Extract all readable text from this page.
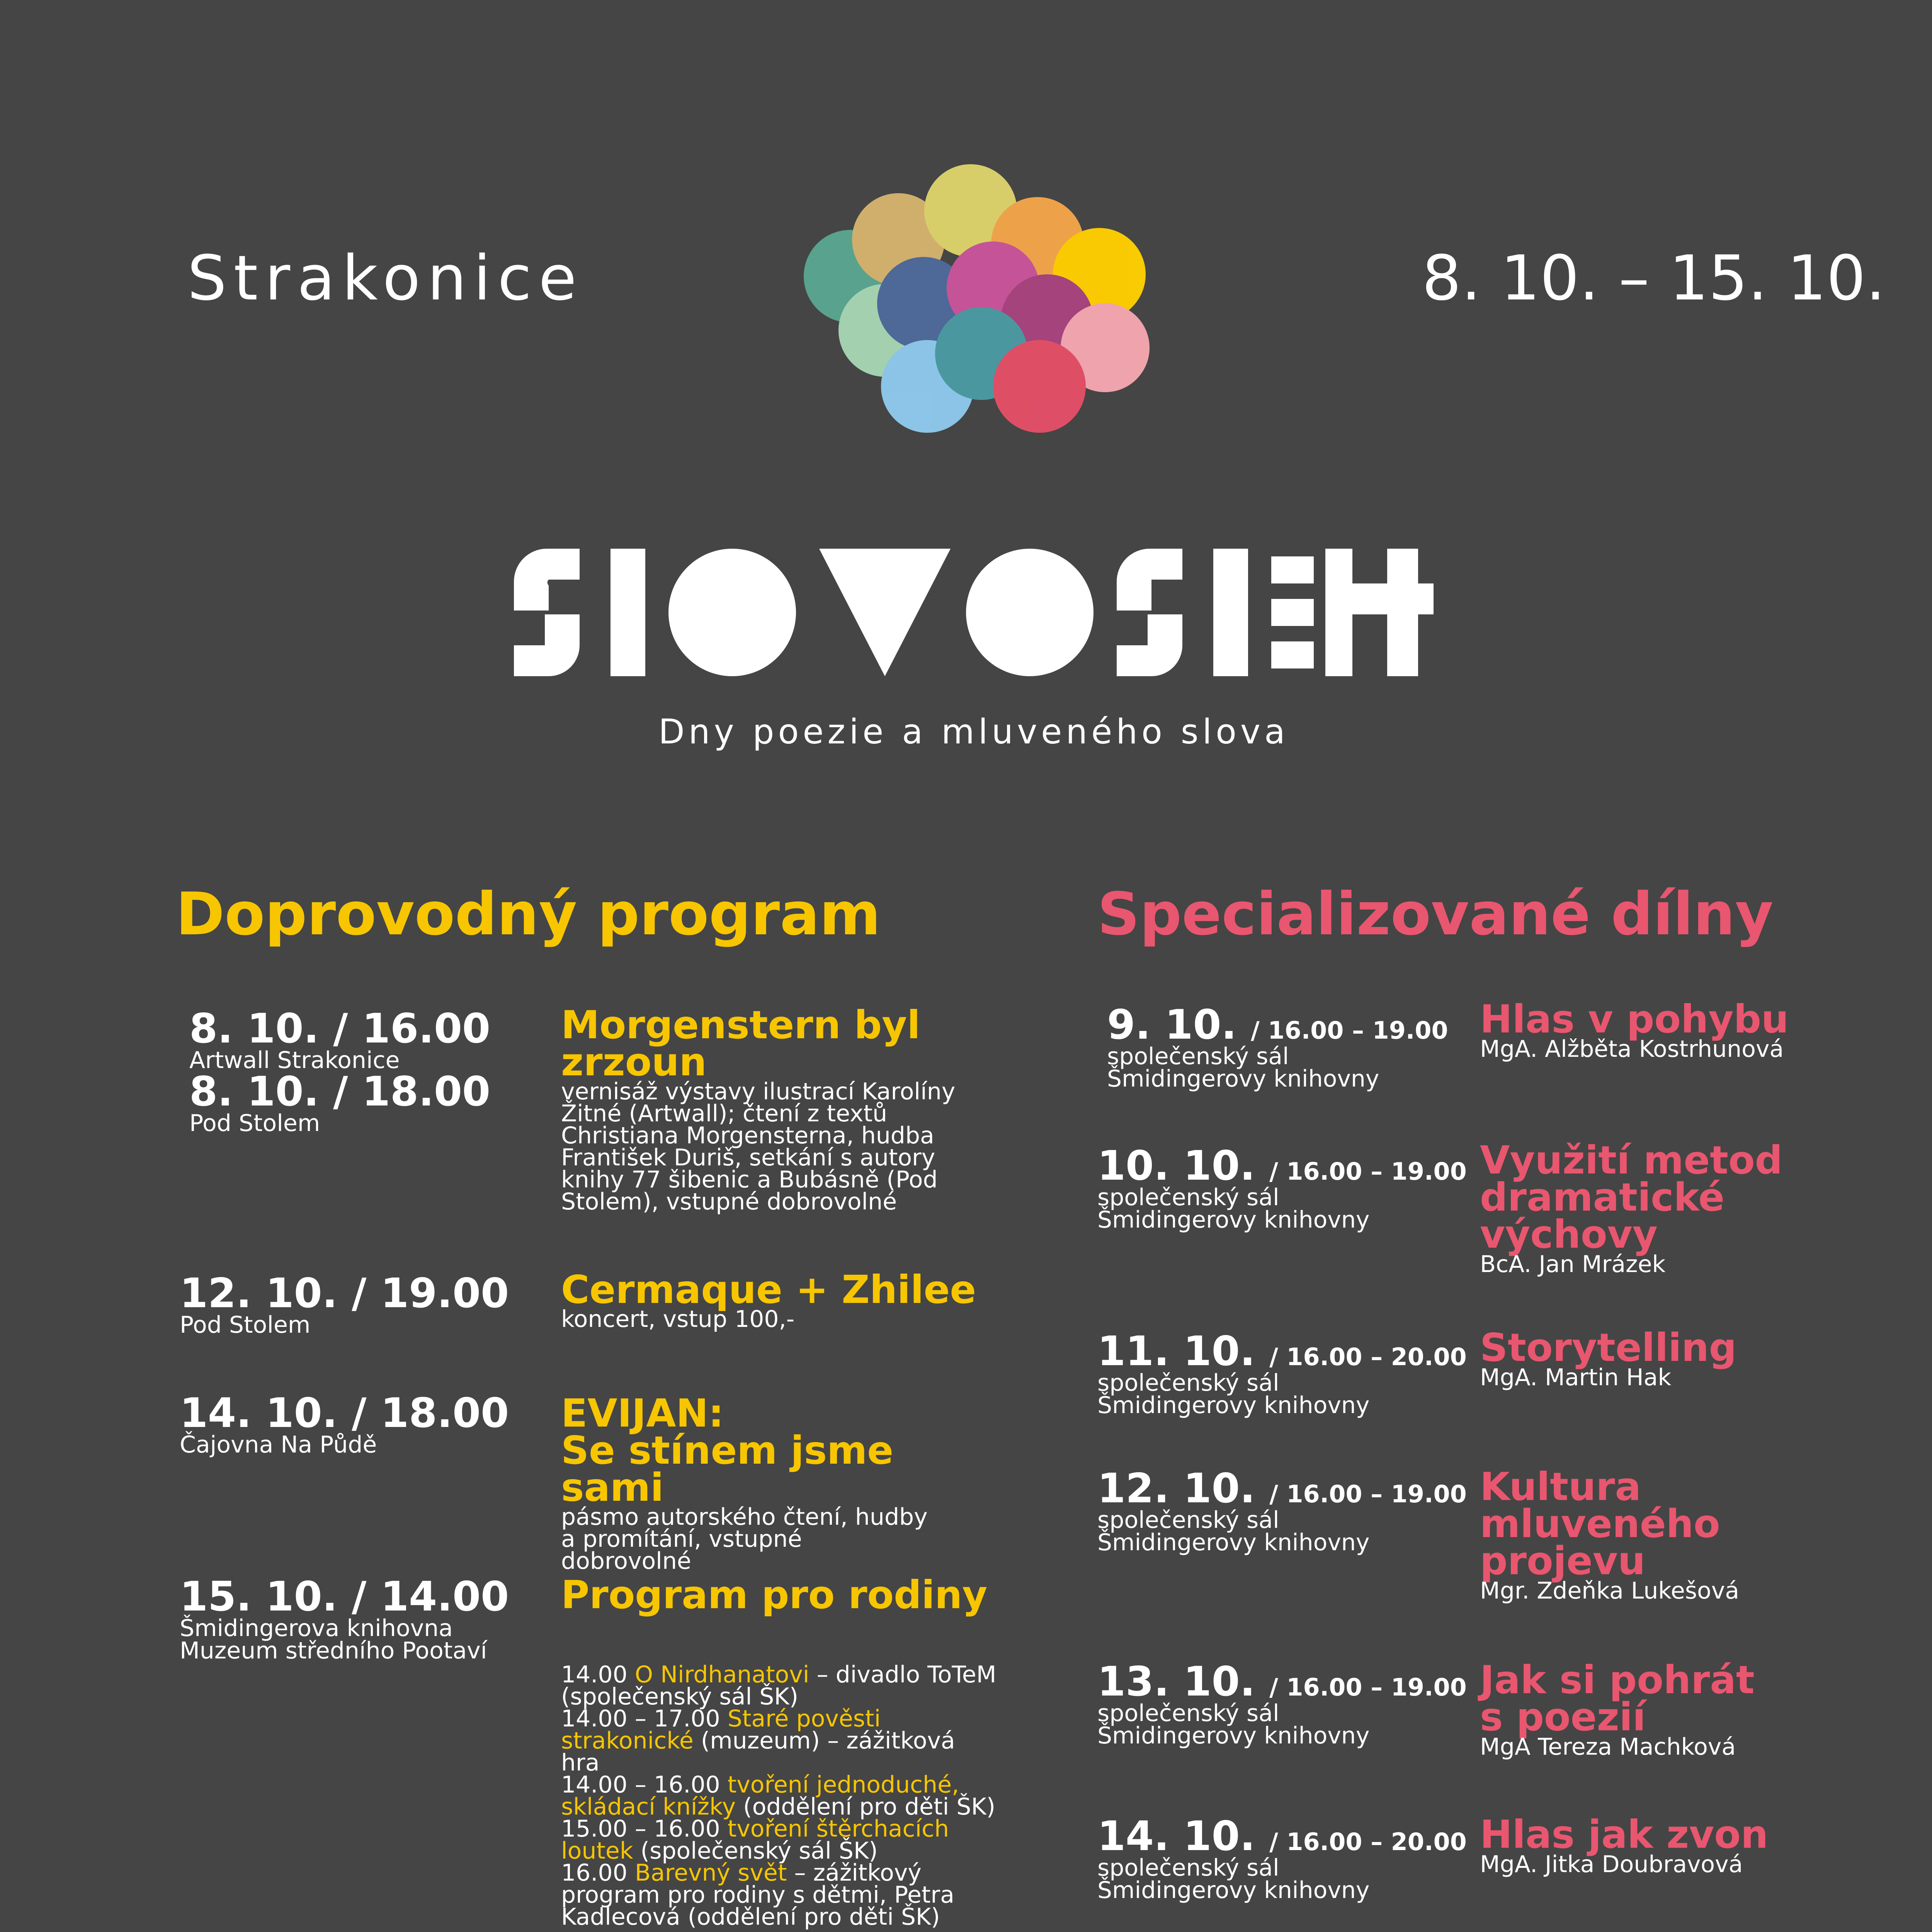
Strakonice	8. 10. – 15. 10.
Dny poezie a mluveného slova
Doprovodný program	Specializované dílny
8. 10. / 16.00
Artwall Strakonice
8. 10. / 18.00
Pod Stolem
Morgenstern byl
zrzoun
vernisáž výstavy ilustrací Karolíny Žitné (Artwall); čtení z textů Christiana Morgensterna, hudba František Duriš, setkání s autory knihy 77 šibenic a Bubásně (Pod Stolem), vstupné dobrovolné
12. 10. / 19.00
Pod Stolem
Cermaque + Zhilee
koncert, vstup 100,-
14. 10. / 18.00
Čajovna Na Půdě
EVIJAN:
Se stínem jsme sami
pásmo autorského čtení, hudby a promítání, vstupné dobrovolné
15. 10. / 14.00
Šmidingerova knihovna
Muzeum středního Pootaví
Program pro rodiny
14.00 O Nirdhanatovi – divadlo ToTeM (společenský sál ŠK)
14.00 – 17.00 Staré pověsti strakonické (muzeum) – zážitková hra
14.00 – 16.00 tvoření jednoduché, skládací knížky (oddělení pro děti ŠK)
15.00 – 16.00 tvoření štěrchacích loutek (společenský sál ŠK)
16.00 Barevný svět – zážitkový program pro rodiny s dětmi, Petra Kadlecová (oddělení pro děti ŠK)
9. 10. / 16.00 – 19.00
společenský sál
Šmidingerovy knihovny
Hlas v pohybu
MgA. Alžběta Kostrhunová
10. 10. / 16.00 – 19.00
společenský sál
Šmidingerovy knihovny
Využití metod
dramatické
výchovy
BcA. Jan Mrázek
11. 10. / 16.00 – 20.00
společenský sál
Šmidingerovy knihovny
Storytelling
MgA. Martin Hak
12. 10. / 16.00 – 19.00
společenský sál
Šmidingerovy knihovny
Kultura
mluveného
projevu
Mgr. Zdeňka Lukešová
13. 10. / 16.00 – 19.00
společenský sál
Šmidingerovy knihovny
Jak si pohrát
s poezií
MgA Tereza Machková
14. 10. / 16.00 – 20.00
společenský sál
Šmidingerovy knihovny
Hlas jak zvon
MgA. Jitka Doubravová
